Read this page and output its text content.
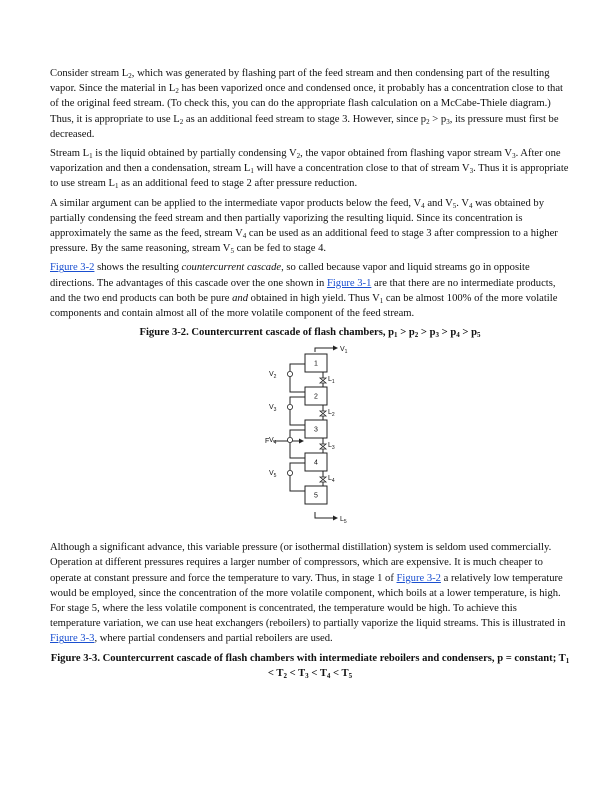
Consider stream $L_2$, which was generated by flashing part of the feed stream and then condensing part of the resulting vapor. Since the material in $L_2$ has been vaporized once and condensed once, it probably has a concentration close to that of the original feed stream. (To check this, you can do the appropriate flash calculation on a McCabe-Thiele diagram.) Thus, it is appropriate to use $L_2$ as an additional feed stream to stage 3. However, since $p_2 > p_3$, its pressure must first be decreased.

Stream $L_1$ is the liquid obtained by partially condensing $V_2$, the vapor obtained from flashing vapor stream $V_3$. After one vaporization and then a condensation, stream $L_1$ will have a concentration close to that of stream $V_3$. Thus it is appropriate to use stream $L_1$ as an additional feed to stage 2 after pressure reduction.

A similar argument can be applied to the intermediate vapor products below the feed, $V_4$ and $V_5$. $V_4$ was obtained by partially condensing the feed stream and then partially vaporizing the resulting liquid. Since its concentration is approximately the same as the feed, stream $V_4$ can be used as an additional feed to stage 3 after compression to a higher pressure. By the same reasoning, stream $V_5$ can be fed to stage 4.

Figure 3-2 shows the resulting countercurrent cascade, so called because vapor and liquid streams go in opposite directions. The advantages of this cascade over the one shown in Figure 3-1 are that there are no intermediate products, and the two end products can both be pure and obtained in high yield. Thus $V_1$ can be almost 100% of the more volatile components and contain almost all of the more volatile component of the feed stream.

Figure 3-2. Countercurrent cascade of flash chambers, $p_1 > p_2 > p_3 > p_4 > p_5$

$V_1$
$L_5$
F
1
$L_1$
$V_2$
2
$L_2$
$V_3$
3
$L_3$
$V_4$
4
$L_4$
$V_5$
5

Although a significant advance, this variable pressure (or isothermal distillation) system is seldom used commercially. Operation at different pressures requires a larger number of compressors, which are expensive. It is much cheaper to operate at constant pressure and force the temperature to vary. Thus, in stage 1 of Figure 3-2 a relatively low temperature would be employed, since the concentration of the more volatile component, which boils at a lower temperature, is high. For stage 5, where the less volatile component is concentrated, the temperature would be high. To achieve this temperature variation, we can use heat exchangers (reboilers) to partially vaporize the liquid streams. This is illustrated in Figure 3-3, where partial condensers and partial reboilers are used.

Figure 3-3. Countercurrent cascade of flash chambers with intermediate reboilers and condensers, p = constant; $T_1 < T_2 < T_3 < T_4 < T_5$
